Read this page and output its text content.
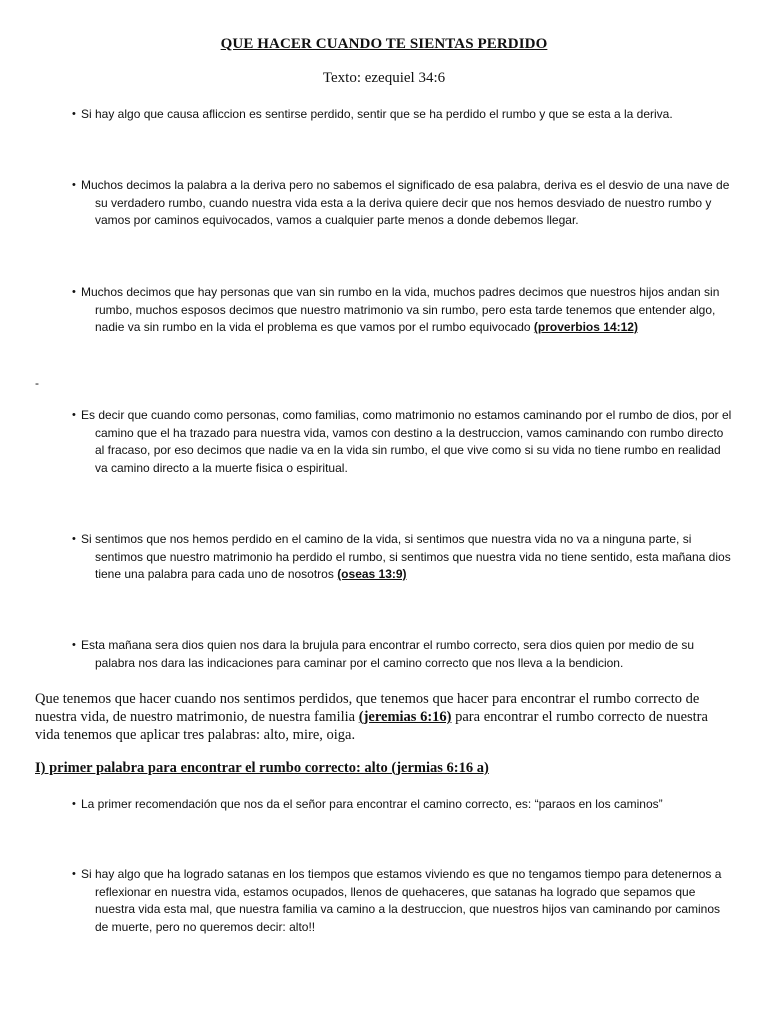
QUE HACER CUANDO TE SIENTAS PERDIDO
Texto: ezequiel 34:6
• Si hay algo que causa afliccion es sentirse perdido, sentir que se ha perdido el rumbo y que se esta a la deriva.
• Muchos decimos la palabra a la deriva pero no sabemos el significado de esa palabra, deriva es el desvio de una nave de su verdadero rumbo, cuando nuestra vida esta a la deriva quiere decir que nos hemos desviado de nuestro rumbo y vamos por caminos equivocados, vamos a cualquier parte menos a donde debemos llegar.
• Muchos decimos que hay personas que van sin rumbo en la vida, muchos padres decimos que nuestros hijos andan sin rumbo, muchos esposos decimos que nuestro matrimonio va sin rumbo, pero esta tarde tenemos que entender algo, nadie va sin rumbo en la vida el problema es que vamos por el rumbo equivocado (proverbios 14:12)
-
• Es decir que cuando como personas, como familias, como matrimonio no estamos caminando por el rumbo de dios, por el camino que el ha trazado para nuestra vida, vamos con destino a la destruccion, vamos caminando con rumbo directo al fracaso, por eso decimos que nadie va en la vida sin rumbo, el que vive como si su vida no tiene rumbo en realidad va camino directo a la muerte fisica o espiritual.
• Si sentimos que nos hemos perdido en el camino de la vida, si sentimos que nuestra vida no va a ninguna parte, si sentimos que nuestro matrimonio ha perdido el rumbo, si sentimos que nuestra vida no tiene sentido, esta mañana dios tiene una palabra para cada uno de nosotros (oseas 13:9)
• Esta mañana sera dios quien nos dara la brujula para encontrar el rumbo correcto, sera dios quien por medio de su palabra nos dara las indicaciones para caminar por el camino correcto que nos lleva a la bendicion.
Que tenemos que hacer cuando nos sentimos perdidos, que tenemos que hacer para encontrar el rumbo correcto de nuestra vida, de nuestro matrimonio, de nuestra familia (jeremias 6:16) para encontrar el rumbo correcto de nuestra vida tenemos que aplicar tres palabras: alto, mire, oiga.
I) primer palabra para encontrar el rumbo correcto: alto (jermias 6:16 a)
• La primer recomendación que nos da el señor para encontrar el camino correcto, es: “paraos en los caminos”
• Si hay algo que ha logrado satanas en los tiempos que estamos viviendo es que no tengamos tiempo para detenernos a reflexionar en nuestra vida, estamos ocupados, llenos de quehaceres, que satanas ha logrado que sepamos que nuestra vida esta mal, que nuestra familia va camino a la destruccion, que nuestros hijos van caminando por caminos de muerte, pero no queremos decir: alto!!
